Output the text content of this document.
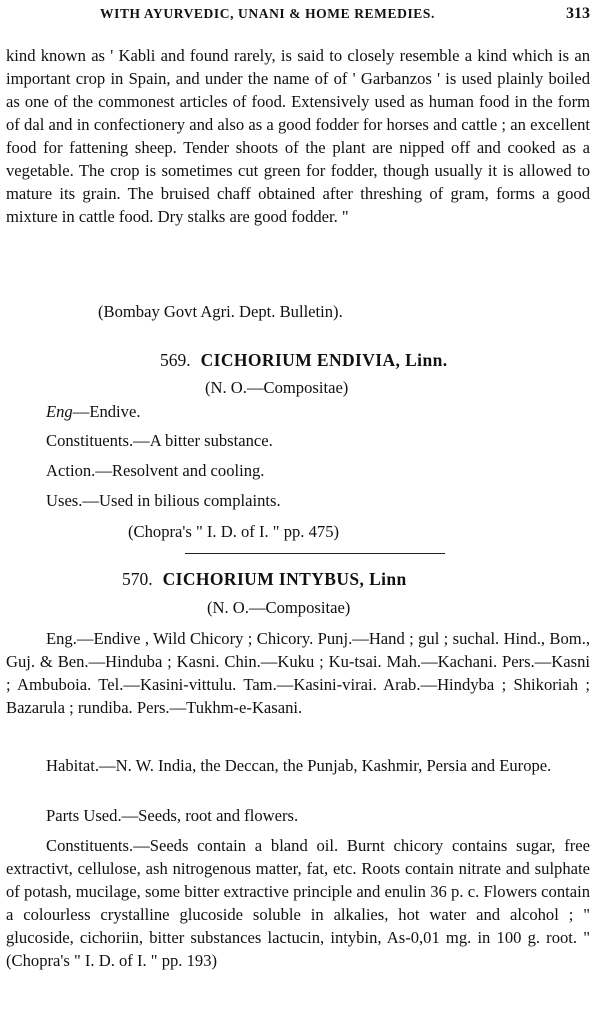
WITH AYURVEDIC, UNANI & HOME REMEDIES.	313

kind known as ' Kabli and found rarely, is said to closely resemble a kind which is an important crop in Spain, and under the name of of ' Garbanzos ' is used plainly boiled as one of the commonest articles of food. Extensively used as human food in the form of dal and in confectionery and also as a good fodder for horses and cattle ; an excellent food for fattening sheep. Tender shoots of the plant are nipped off and cooked as a vegetable. The crop is sometimes cut green for fodder, though usually it is allowed to mature its grain. The bruised chaff obtained after threshing of gram, forms a good mixture in cattle food. Dry stalks are good fodder. "

(Bombay Govt Agri. Dept. Bulletin).
569. CICHORIUM ENDIVIA, Linn.
(N. O.—Compositae)
Eng—Endive.
Constituents.—A bitter substance.
Action.—Resolvent and cooling.
Uses.—Used in bilious complaints.
(Chopra's " I. D. of I. " pp. 475)
570. CICHORIUM INTYBUS, Linn
(N. O.—Compositae)

Eng.—Endive , Wild Chicory ; Chicory. Punj.—Hand ; gul ; suchal. Hind., Bom., Guj. & Ben.—Hinduba ; Kasni. Chin.—Kuku ; Ku-tsai. Mah.—Kachani. Pers.—Kasni ; Ambuboia. Tel.—Kasini-vittulu. Tam.—Kasini-virai. Arab.—Hindyba ; Shikoriah ; Bazarula ; rundiba. Pers.—Tukhm-e-Kasani.

Habitat.—N. W. India, the Deccan, the Punjab, Kashmir, Persia and Europe.

Parts Used.—Seeds, root and flowers.

Constituents.—Seeds contain a bland oil. Burnt chicory contains sugar, free extractivt, cellulose, ash nitrogenous matter, fat, etc. Roots contain nitrate and sulphate of potash, mucilage, some bitter extractive principle and enulin 36 p. c. Flowers contain a colourless crystalline glucoside soluble in alkalies, hot water and alcohol ; " glucoside, cichoriin, bitter substances lactucin, intybin, As-0,01 mg. in 100 g. root. " (Chopra's " I. D. of I. " pp. 193)
